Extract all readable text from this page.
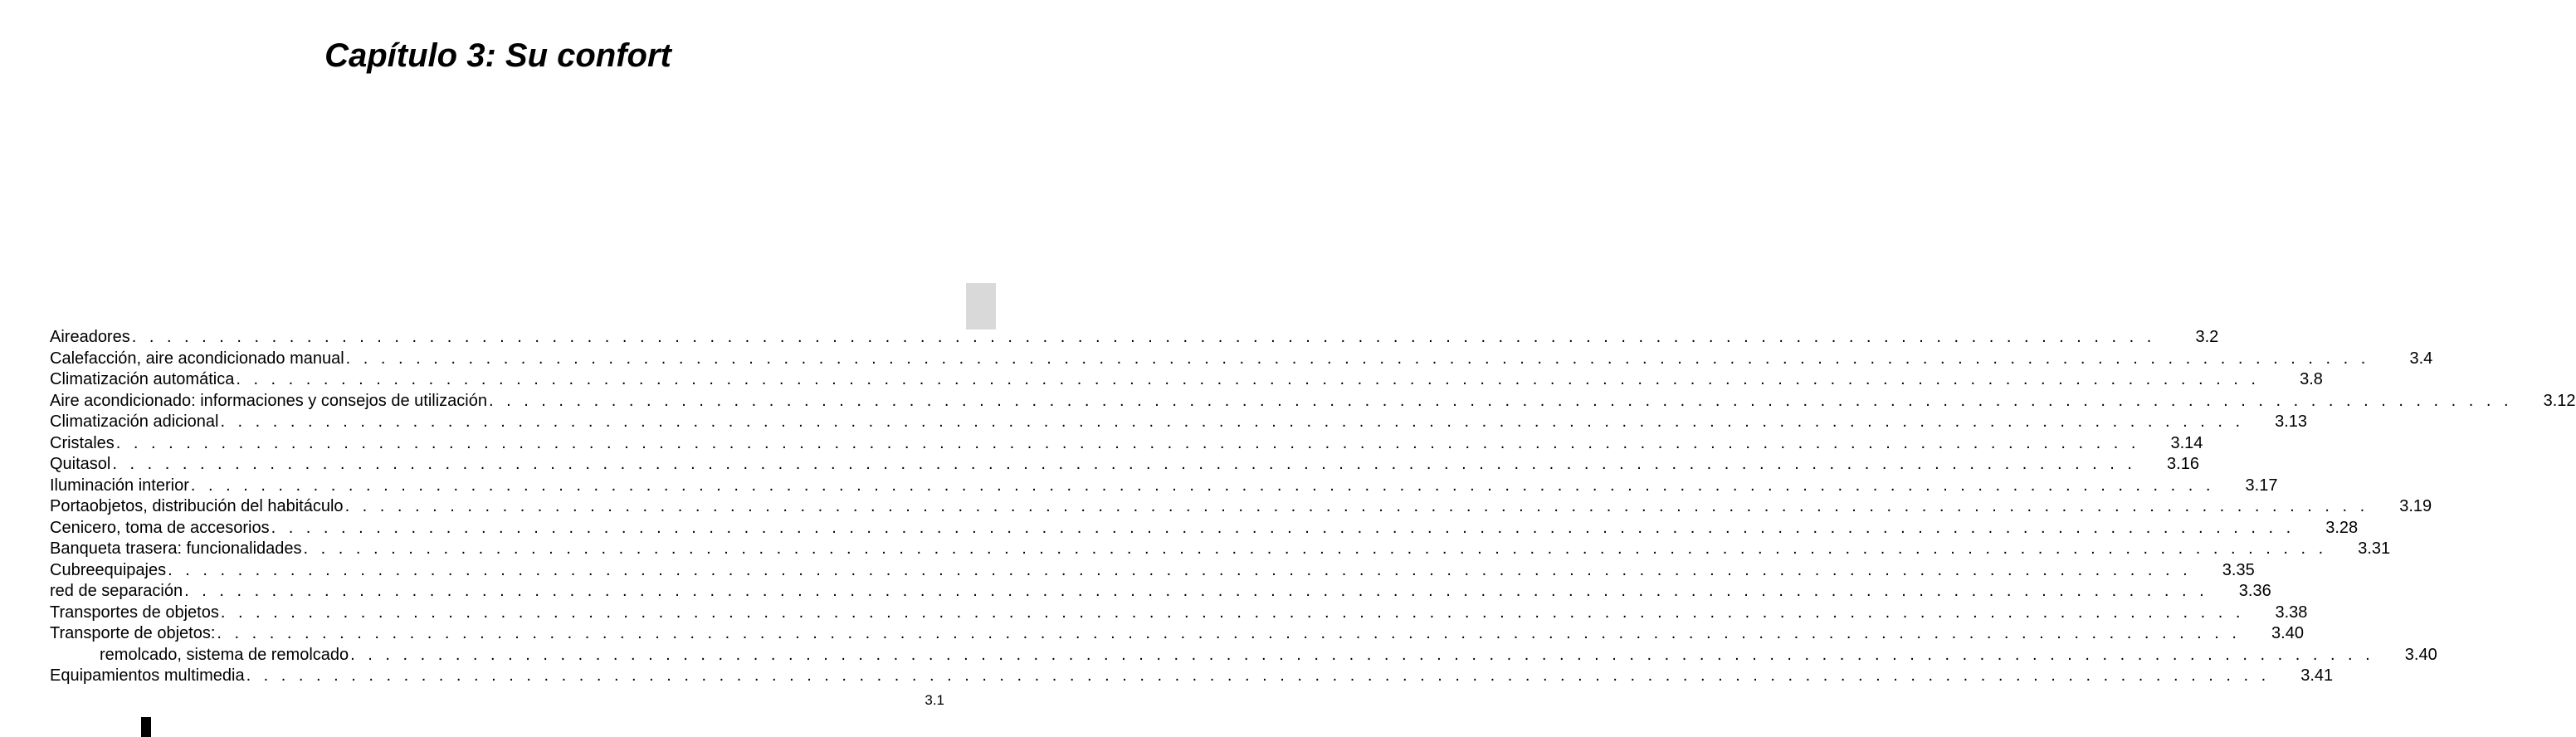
Capítulo 3: Su confort
Aireadores . . . . . . . . . . . . . . . . . . . . . . . . . . . . . . . . . . . . . . . . . . . . . . . . . . . . . . . . . . . . . . . . . . . . . . . . . . . . . . . . . . . . . . . . . . . . . . . . . . . . . . . . . . . . . . . . . . . .	3.2
Calefacción, aire acondicionado manual . . . . . . . . . . . . . . . . . . . . . . . . . . . . . . . . . . . . . . . . . . . . . . . . . . . . . . . . . . . . . . . . . . . . . . . . . . . . . . . . . . . . . . . . . . . . . . . . . . . . . . . . . . . . . . . . . . . .	3.4
Climatización automática . . . . . . . . . . . . . . . . . . . . . . . . . . . . . . . . . . . . . . . . . . . . . . . . . . . . . . . . . . . . . . . . . . . . . . . . . . . . . . . . . . . . . . . . . . . . . . . . . . . . . . . . . . . . . . . . . . . .	3.8
Aire acondicionado: informaciones y consejos de utilización . . . . . . . . . . . . . . . . . . . . . . . . . . . . . . . . . . . . . . . . . . . . . . . . . . . . . . . . . . . . . . . . . . . . . . . . . . . . . . . . . . . . . . . . . . . . . . . . . . . . . . . . . . . . . . . . . . . .	3.12
Climatización adicional . . . . . . . . . . . . . . . . . . . . . . . . . . . . . . . . . . . . . . . . . . . . . . . . . . . . . . . . . . . . . . . . . . . . . . . . . . . . . . . . . . . . . . . . . . . . . . . . . . . . . . . . . . . . . . . . . . . .	3.13
Cristales . . . . . . . . . . . . . . . . . . . . . . . . . . . . . . . . . . . . . . . . . . . . . . . . . . . . . . . . . . . . . . . . . . . . . . . . . . . . . . . . . . . . . . . . . . . . . . . . . . . . . . . . . . . . . . . . . . . .	3.14
Quitasol . . . . . . . . . . . . . . . . . . . . . . . . . . . . . . . . . . . . . . . . . . . . . . . . . . . . . . . . . . . . . . . . . . . . . . . . . . . . . . . . . . . . . . . . . . . . . . . . . . . . . . . . . . . . . . . . . . . .	3.16
Iluminación interior . . . . . . . . . . . . . . . . . . . . . . . . . . . . . . . . . . . . . . . . . . . . . . . . . . . . . . . . . . . . . . . . . . . . . . . . . . . . . . . . . . . . . . . . . . . . . . . . . . . . . . . . . . . . . . . . . . . .	3.17
Portaobjetos, distribución del habitáculo . . . . . . . . . . . . . . . . . . . . . . . . . . . . . . . . . . . . . . . . . . . . . . . . . . . . . . . . . . . . . . . . . . . . . . . . . . . . . . . . . . . . . . . . . . . . . . . . . . . . . . . . . . . . . . . . . . . .	3.19
Cenicero, toma de accesorios . . . . . . . . . . . . . . . . . . . . . . . . . . . . . . . . . . . . . . . . . . . . . . . . . . . . . . . . . . . . . . . . . . . . . . . . . . . . . . . . . . . . . . . . . . . . . . . . . . . . . . . . . . . . . . . . . . . .	3.28
Banqueta trasera: funcionalidades . . . . . . . . . . . . . . . . . . . . . . . . . . . . . . . . . . . . . . . . . . . . . . . . . . . . . . . . . . . . . . . . . . . . . . . . . . . . . . . . . . . . . . . . . . . . . . . . . . . . . . . . . . . . . . . . . . . .	3.31
Cubreequipajes . . . . . . . . . . . . . . . . . . . . . . . . . . . . . . . . . . . . . . . . . . . . . . . . . . . . . . . . . . . . . . . . . . . . . . . . . . . . . . . . . . . . . . . . . . . . . . . . . . . . . . . . . . . . . . . . . . . .	3.35
red de separación . . . . . . . . . . . . . . . . . . . . . . . . . . . . . . . . . . . . . . . . . . . . . . . . . . . . . . . . . . . . . . . . . . . . . . . . . . . . . . . . . . . . . . . . . . . . . . . . . . . . . . . . . . . . . . . . . . . .	3.36
Transportes de objetos . . . . . . . . . . . . . . . . . . . . . . . . . . . . . . . . . . . . . . . . . . . . . . . . . . . . . . . . . . . . . . . . . . . . . . . . . . . . . . . . . . . . . . . . . . . . . . . . . . . . . . . . . . . . . . . . . . . .	3.38
Transporte de objetos: . . . . . . . . . . . . . . . . . . . . . . . . . . . . . . . . . . . . . . . . . . . . . . . . . . . . . . . . . . . . . . . . . . . . . . . . . . . . . . . . . . . . . . . . . . . . . . . . . . . . . . . . . . . . . . . . . . . .	3.40
remolcado, sistema de remolcado . . . . . . . . . . . . . . . . . . . . . . . . . . . . . . . . . . . . . . . . . . . . . . . . . . . . . . . . . . . . . . . . . . . . . . . . . . . . . . . . . . . . . . . . . . . . . . . . . . . . . . . . . . . . . . . . . . . .	3.40
Equipamientos multimedia . . . . . . . . . . . . . . . . . . . . . . . . . . . . . . . . . . . . . . . . . . . . . . . . . . . . . . . . . . . . . . . . . . . . . . . . . . . . . . . . . . . . . . . . . . . . . . . . . . . . . . . . . . . . . . . . . . . .	3.41
3.1
